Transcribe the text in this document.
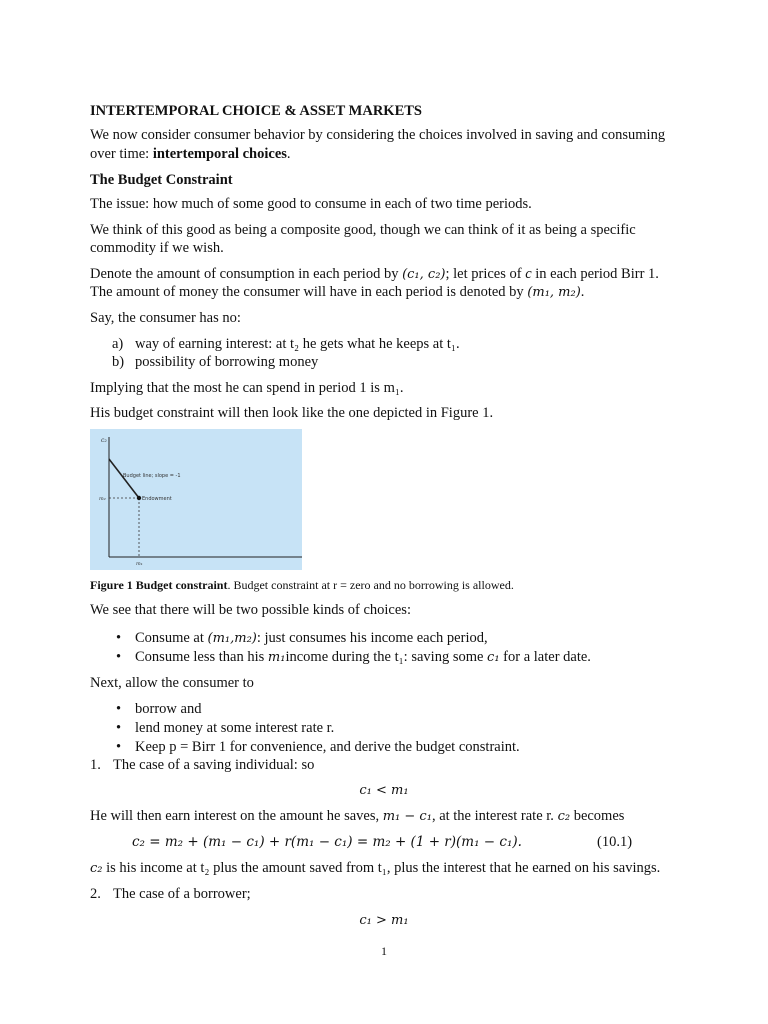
INTERTEMPORAL CHOICE & ASSET MARKETS
We now consider consumer behavior by considering the choices involved in saving and consuming
over time: intertemporal choices.
The Budget Constraint
The issue: how much of some good to consume in each of two time periods.
We think of this good as being a composite good, though we can think of it as being a specific
commodity if we wish.
Denote the amount of consumption in each period by (c₁, c₂); let prices of c in each period Birr 1.
The amount of money the consumer will have in each period is denoted by (m₁, m₂).
Say, the consumer has no:
a) way of earning interest: at t₂ he gets what he keeps at t₁.
b) possibility of borrowing money
Implying that the most he can spend in period 1 is m₁.
His budget constraint will then look like the one depicted in Figure 1.
c₂
m₂
m₁
Budget line; slope = -1
Endowment
Figure 1 Budget constraint. Budget constraint at r = zero and no borrowing is allowed.
We see that there will be two possible kinds of choices:
• Consume at (m₁,m₂): just consumes his income each period,
• Consume less than his m₁income during the t₁: saving some c₁ for a later date.
Next, allow the consumer to
• borrow and
• lend money at some interest rate r.
• Keep p = Birr 1 for convenience, and derive the budget constraint.
1. The case of a saving individual: so
c₁ < m₁
He will then earn interest on the amount he saves, m₁ − c₁, at the interest rate r. c₂ becomes
c₂ = m₂ + (m₁ − c₁) + r(m₁ − c₁) = m₂ + (1 + r)(m₁ − c₁).	(10.1)
c₂ is his income at t₂ plus the amount saved from t₁, plus the interest that he earned on his savings.
2. The case of a borrower;
c₁ > m₁
1
